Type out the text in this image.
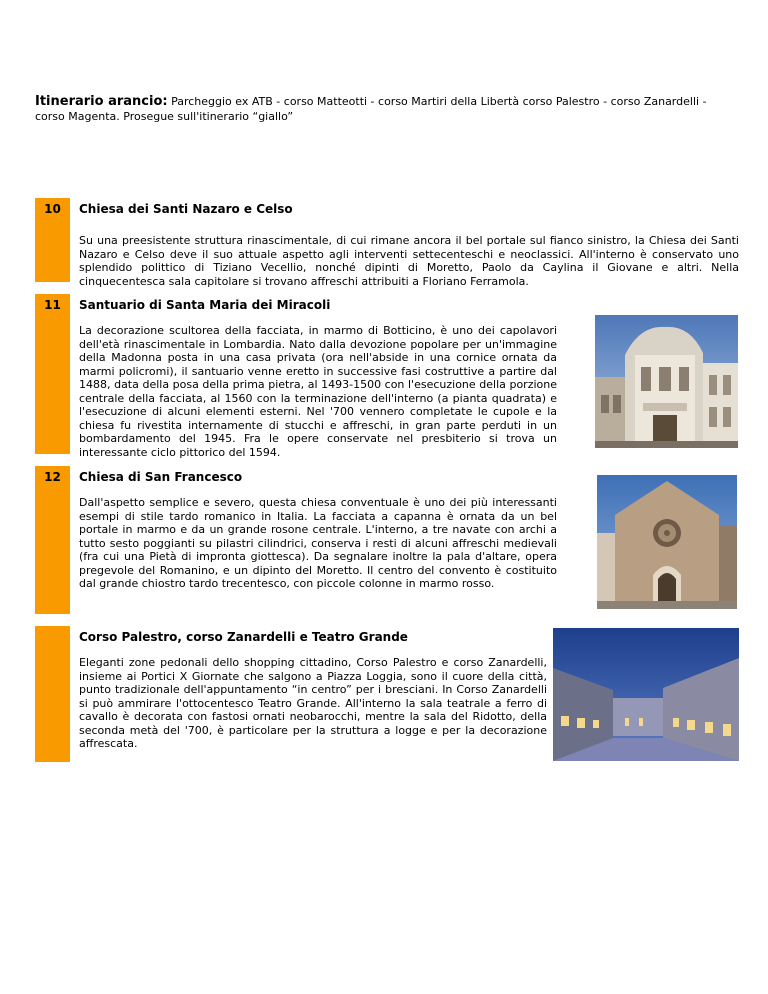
Itinerario arancio: Parcheggio ex ATB - corso Matteotti - corso Martiri della Libertà corso Palestro - corso Zanardelli - corso Magenta. Prosegue sull'itinerario “giallo”
10	Chiesa dei Santi Nazaro e Celso
Su una preesistente struttura rinascimentale, di cui rimane ancora il bel portale sul fianco sinistro, la Chiesa dei Santi Nazaro e Celso deve il suo attuale aspetto agli interventi settecenteschi e neoclassici. All'interno è conservato uno splendido polittico di Tiziano Vecellio, nonché dipinti di Moretto, Paolo da Caylina il Giovane e altri. Nella cinquecentesca sala capitolare si trovano affreschi attribuiti a Floriano Ferramola.
11	Santuario di Santa Maria dei Miracoli
La decorazione scultorea della facciata, in marmo di Botticino, è uno dei capolavori dell'età rinascimentale in Lombardia. Nato dalla devozione popolare per un'immagine della Madonna posta in una casa privata (ora nell'abside in una cornice ornata da marmi policromi), il santuario venne eretto in successive fasi costruttive a partire dal 1488, data della posa della prima pietra, al 1493-1500 con l'esecuzione della porzione centrale della facciata, al 1560 con la terminazione dell'interno (a pianta quadrata) e l'esecuzione di alcuni elementi esterni. Nel '700 vennero completate le cupole e la chiesa fu rivestita internamente di stucchi e affreschi, in gran parte perduti in un bombardamento del 1945. Fra le opere conservate nel presbiterio si trova un interessante ciclo pittorico del 1594.
12	Chiesa di San Francesco
Dall'aspetto semplice e severo, questa chiesa conventuale è uno dei più interessanti esempi di stile tardo romanico in Italia. La facciata a capanna è ornata da un bel portale in marmo e da un grande rosone centrale. L'interno, a tre navate con archi a tutto sesto poggianti su pilastri cilindrici, conserva i resti di alcuni affreschi medievali (fra cui una Pietà di impronta giottesca). Da segnalare inoltre la pala d'altare, opera pregevole del Romanino, e un dipinto del Moretto. Il centro del convento è costituito dal grande chiostro tardo trecentesco, con piccole colonne in marmo rosso.
Corso Palestro, corso Zanardelli e Teatro Grande
Eleganti zone pedonali dello shopping cittadino, Corso Palestro e corso Zanardelli, insieme ai Portici X Giornate che salgono a Piazza Loggia, sono il cuore della città, punto tradizionale dell'appuntamento “in centro” per i bresciani. In Corso Zanardelli si può ammirare l'ottocentesco Teatro Grande. All'interno la sala teatrale a ferro di cavallo è decorata con fastosi ornati neobarocchi, mentre la sala del Ridotto, della seconda metà del '700, è particolare per la struttura a logge e per la decorazione affrescata.
